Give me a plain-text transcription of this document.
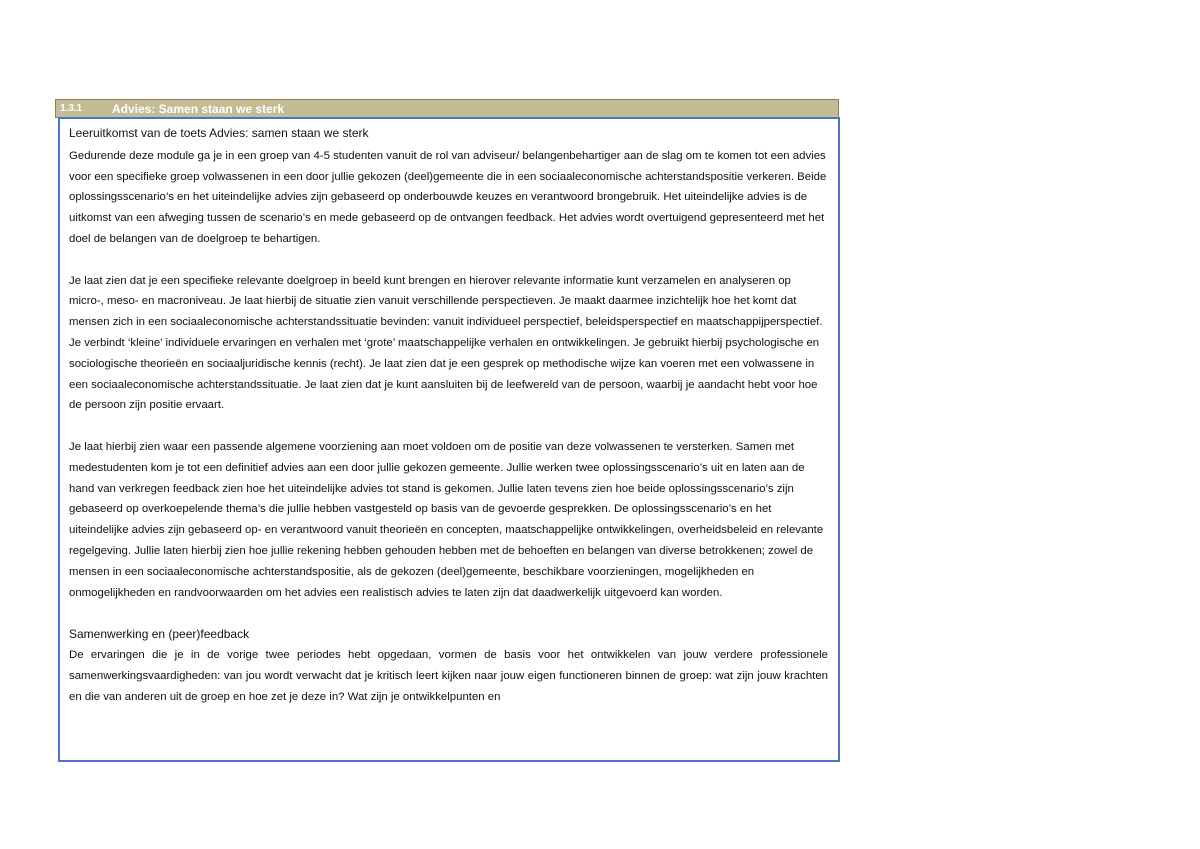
1.3.1	Advies: Samen staan we sterk

Leeruitkomst van de toets Advies: samen staan we sterk

Gedurende deze module ga je in een groep van 4-5 studenten vanuit de rol van adviseur/ belangenbehartiger aan de slag om te komen tot een advies voor een specifieke groep volwassenen in een door jullie gekozen (deel)gemeente die in een sociaaleconomische achterstandspositie verkeren. Beide oplossingsscenario’s en het uiteindelijke advies zijn gebaseerd op onderbouwde keuzes en verantwoord brongebruik. Het uiteindelijke advies is de uitkomst van een afweging tussen de scenario’s en mede gebaseerd op de ontvangen feedback. Het advies wordt overtuigend gepresenteerd met het doel de belangen van de doelgroep te behartigen.

Je laat zien dat je een specifieke relevante doelgroep in beeld kunt brengen en hierover relevante informatie kunt verzamelen en analyseren op micro-, meso- en macroniveau. Je laat hierbij de situatie zien vanuit verschillende perspectieven. Je maakt daarmee inzichtelijk hoe het komt dat mensen zich in een sociaaleconomische achterstandssituatie bevinden: vanuit individueel perspectief, beleidsperspectief en maatschappijperspectief. Je verbindt ‘kleine’ individuele ervaringen en verhalen met ‘grote’ maatschappelijke verhalen en ontwikkelingen. Je gebruikt hierbij psychologische en sociologische theorieën en sociaaljuridische kennis (recht). Je laat zien dat je een gesprek op methodische wijze kan voeren met een volwassene in een sociaaleconomische achterstandssituatie. Je laat zien dat je kunt aansluiten bij de leefwereld van de persoon, waarbij je aandacht hebt voor hoe de persoon zijn positie ervaart.

Je laat hierbij zien waar een passende algemene voorziening aan moet voldoen om de positie van deze volwassenen te versterken. Samen met medestudenten kom je tot een definitief advies aan een door jullie gekozen gemeente. Jullie werken twee oplossingsscenario’s uit en laten aan de hand van verkregen feedback zien hoe het uiteindelijke advies tot stand is gekomen. Jullie laten tevens zien hoe beide oplossingsscenario’s zijn gebaseerd op overkoepelende thema’s die jullie hebben vastgesteld op basis van de gevoerde gesprekken. De oplossingsscenario’s en het uiteindelijke advies zijn gebaseerd op- en verantwoord vanuit theorieën en concepten, maatschappelijke ontwikkelingen, overheidsbeleid en relevante regelgeving. Jullie laten hierbij zien hoe jullie rekening hebben gehouden hebben met de behoeften en belangen van diverse betrokkenen; zowel de mensen in een sociaaleconomische achterstandspositie, als de gekozen (deel)gemeente, beschikbare voorzieningen, mogelijkheden en onmogelijkheden en randvoorwaarden om het advies een realistisch advies te laten zijn dat daadwerkelijk uitgevoerd kan worden.

Samenwerking en (peer)feedback

De ervaringen die je in de vorige twee periodes hebt opgedaan, vormen de basis voor het ontwikkelen van jouw verdere professionele samenwerkingsvaardigheden: van jou wordt verwacht dat je kritisch leert kijken naar jouw eigen functioneren binnen de groep: wat zijn jouw krachten en die van anderen uit de groep en hoe zet je deze in? Wat zijn je ontwikkelpunten en
